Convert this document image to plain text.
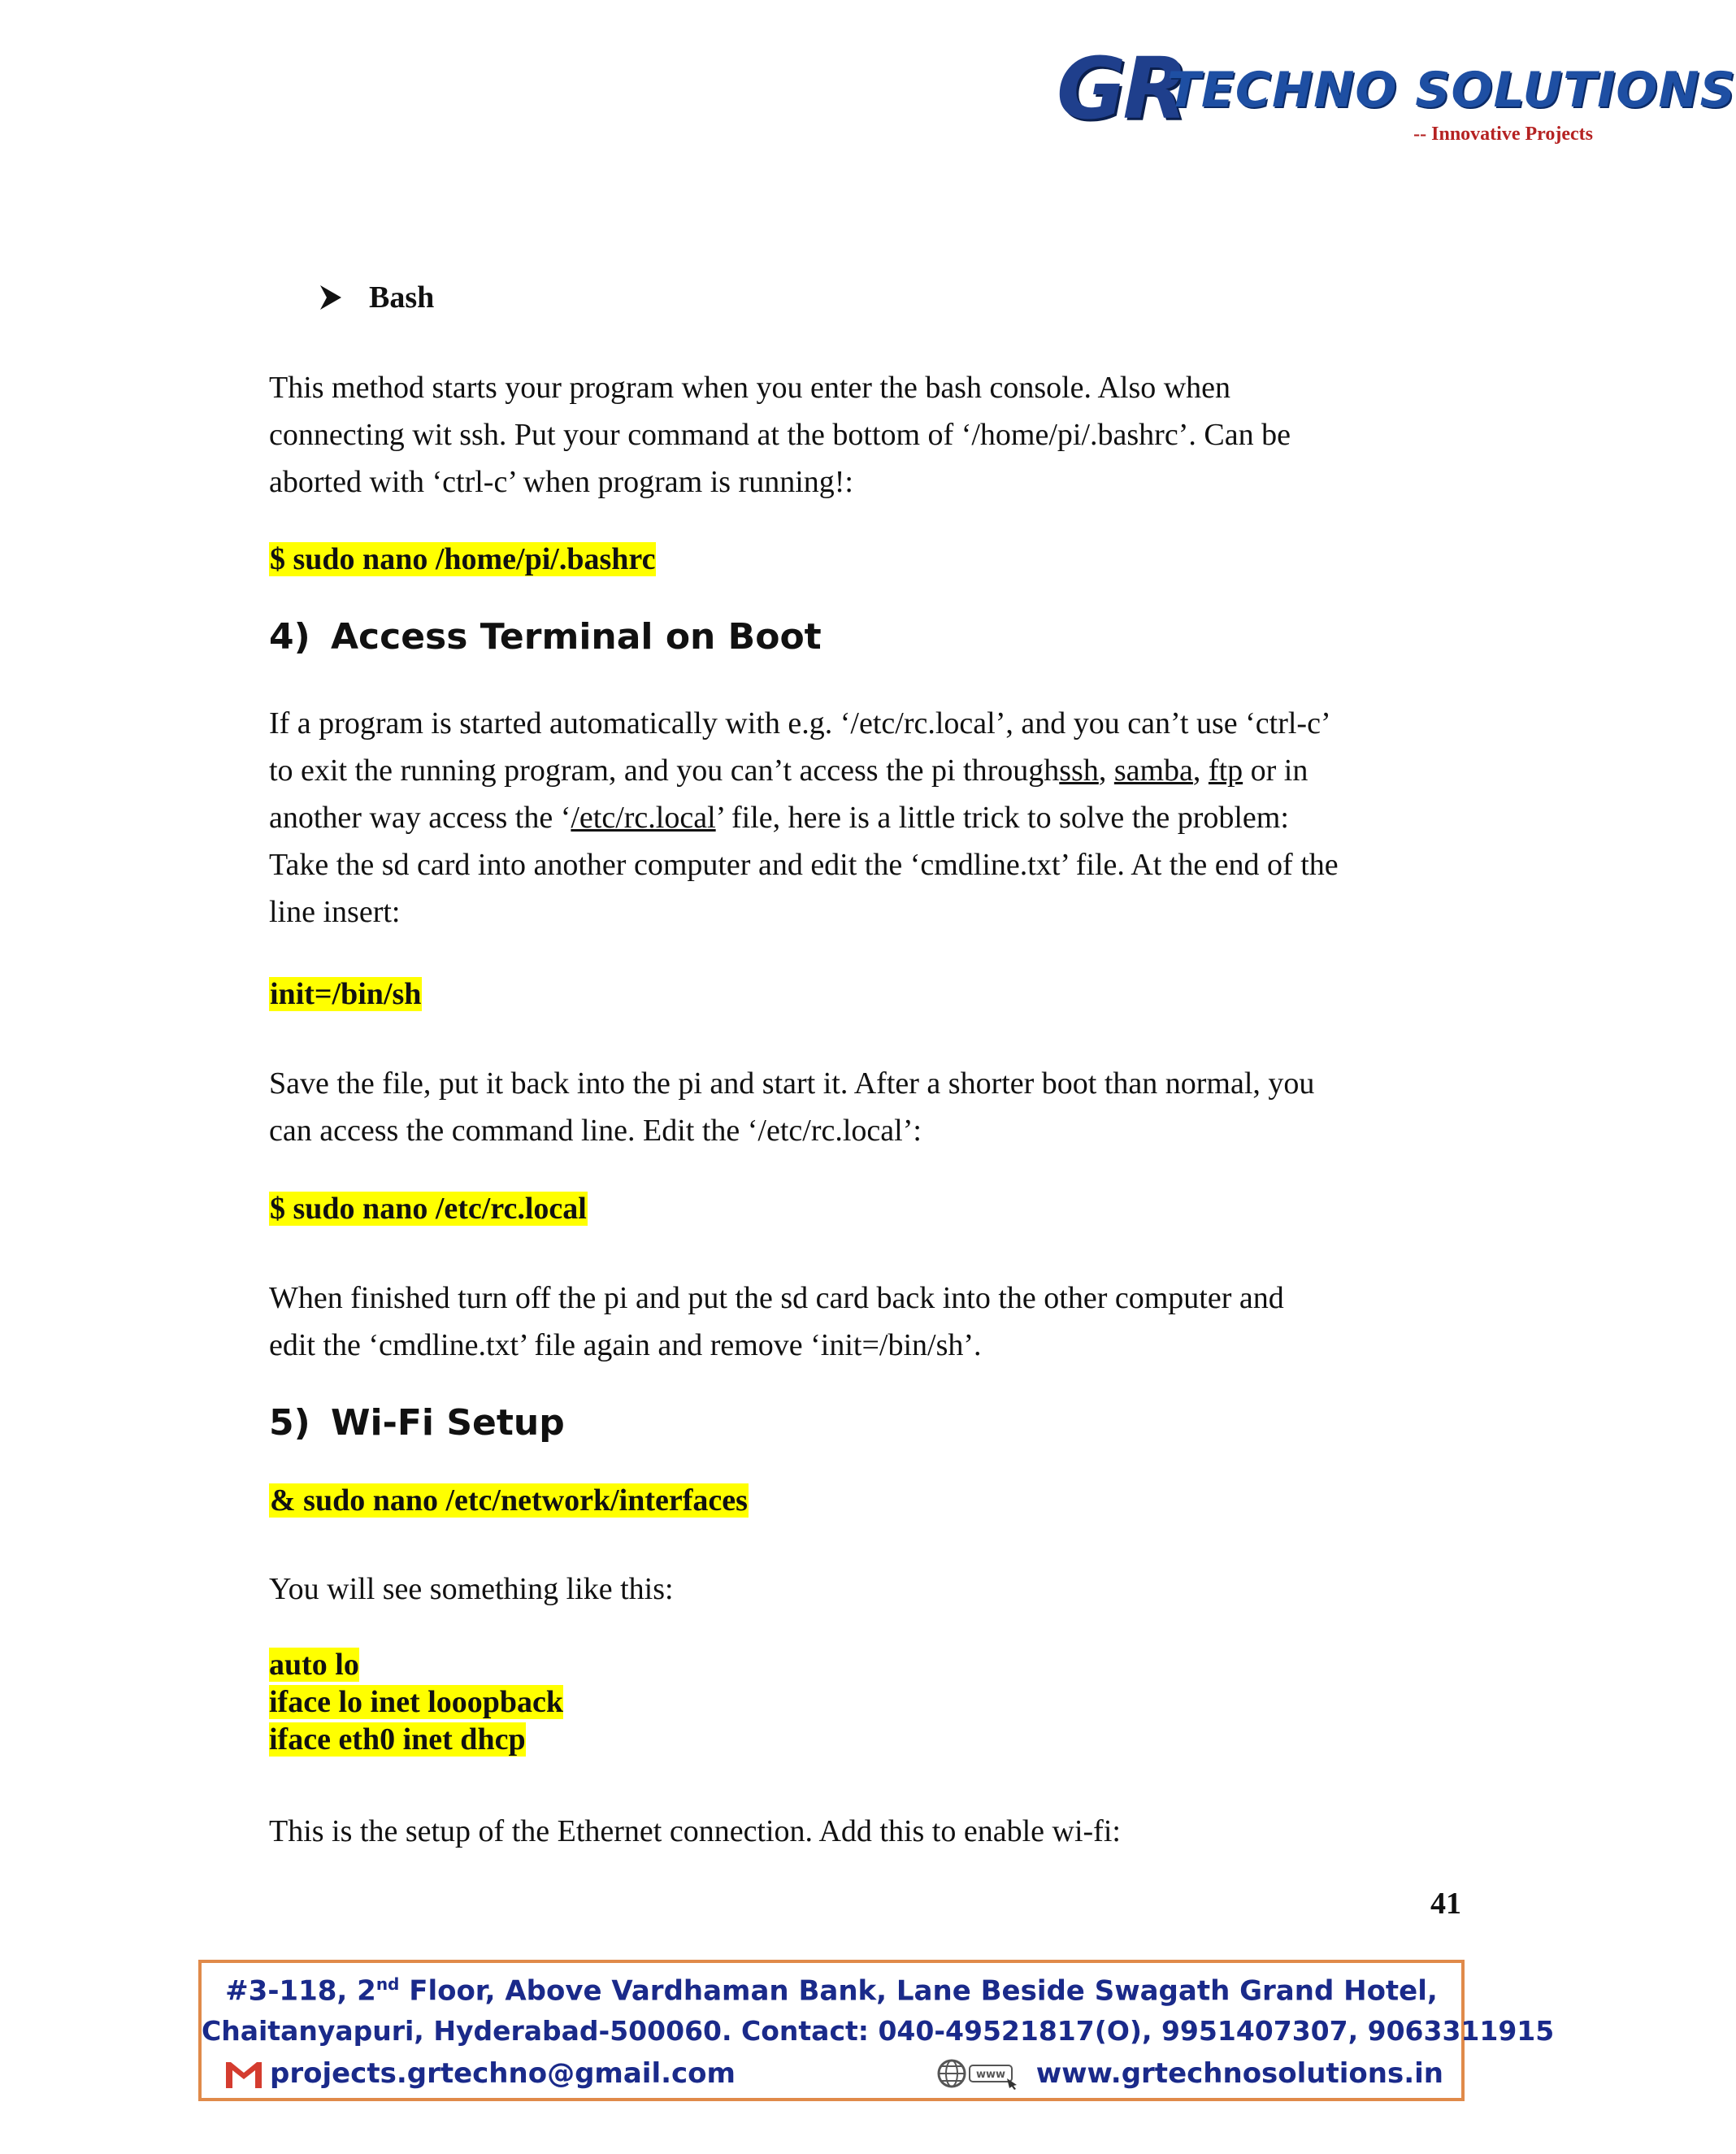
GR
TECHNO SOLUTIONS
-- Innovative Projects
Bash
This method starts your program when you enter the bash console. Also when
connecting wit ssh. Put your command at the bottom of ‘/home/pi/.bashrc’. Can be
aborted with ‘ctrl-c’ when program is running!:
$ sudo nano /home/pi/.bashrc
4) Access Terminal on Boot
If a program is started automatically with e.g. ‘/etc/rc.local’, and you can’t use ‘ctrl-c’
to exit the running program, and you can’t access the pi throughssh, samba, ftp or in
another way access the ‘/etc/rc.local’ file, here is a little trick to solve the problem:
Take the sd card into another computer and edit the ‘cmdline.txt’ file. At the end of the
line insert:
init=/bin/sh
Save the file, put it back into the pi and start it. After a shorter boot than normal, you
can access the command line. Edit the ‘/etc/rc.local’:
$ sudo nano /etc/rc.local
When finished turn off the pi and put the sd card back into the other computer and
edit the ‘cmdline.txt’ file again and remove ‘init=/bin/sh’.
5) Wi-Fi Setup
& sudo nano /etc/network/interfaces
You will see something like this:
auto lo
iface lo inet looopback
iface eth0 inet dhcp
This is the setup of the Ethernet connection. Add this to enable wi-fi:
41
#3-118, 2nd Floor, Above Vardhaman Bank, Lane Beside Swagath Grand Hotel,
Chaitanyapuri, Hyderabad-500060. Contact: 040-49521817(O), 9951407307, 9063311915
projects.grtechno@gmail.com	www www.grtechnosolutions.in
